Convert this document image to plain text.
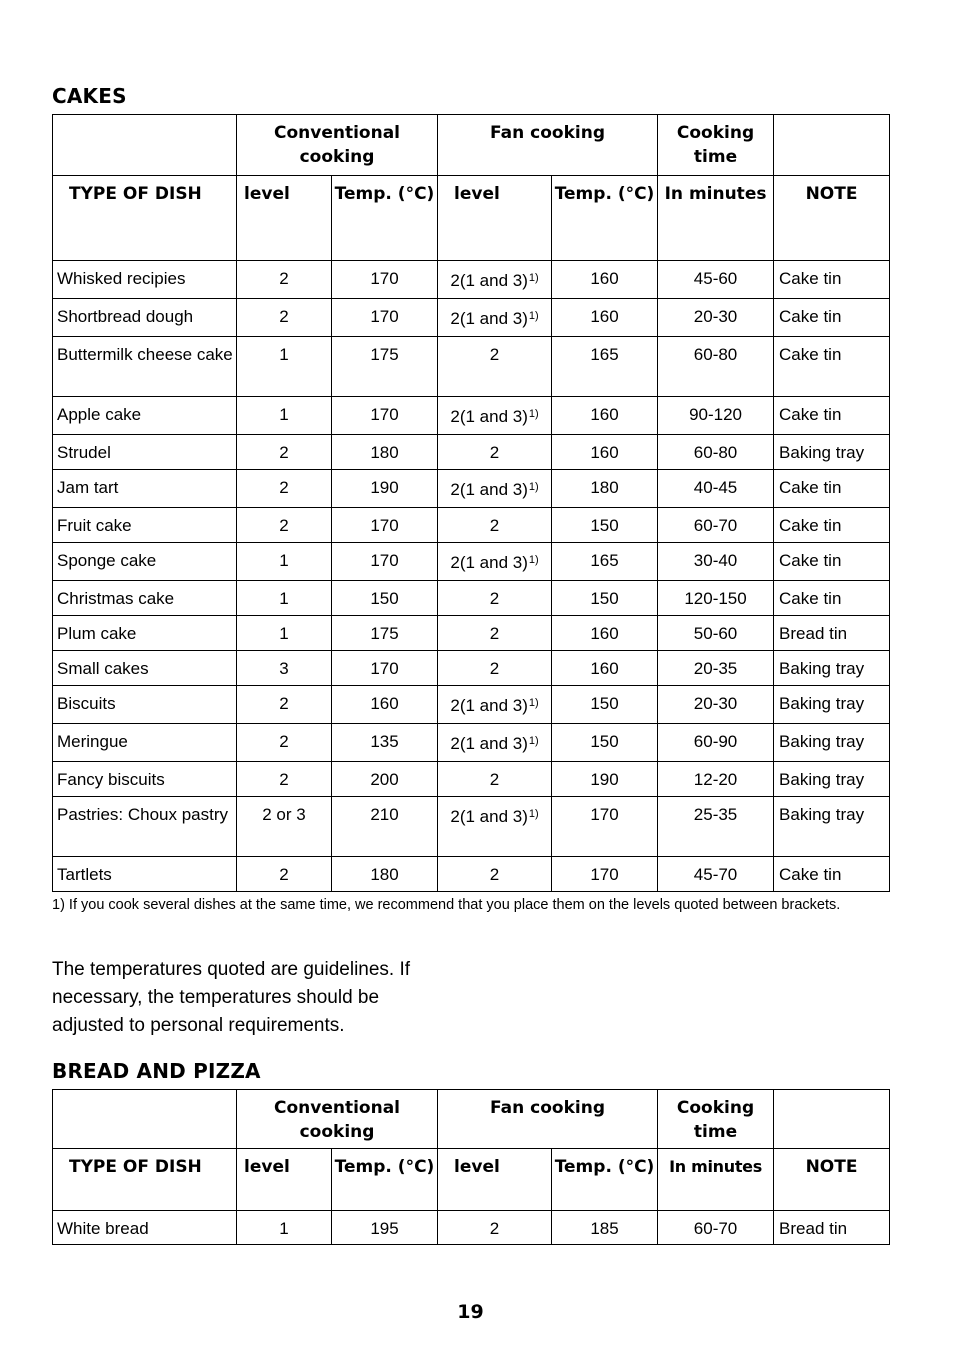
CAKES
	Conventional cooking		Fan cooking		Cooking time	
TYPE OF DISH	level	Temp. (°C)	level	Temp. (°C)	In minutes	NOTE
Whisked recipies	2	170	2(1 and 3)$^{1)}$	160	45-60	Cake tin
Shortbread dough	2	170	2(1 and 3)$^{1)}$	160	20-30	Cake tin
Buttermilk cheese cake	1	175	2	165	60-80	Cake tin
Apple cake	1	170	2(1 and 3)$^{1)}$	160	90-120	Cake tin
Strudel	2	180	2	160	60-80	Baking tray
Jam tart	2	190	2(1 and 3)$^{1)}$	180	40-45	Cake tin
Fruit cake	2	170	2	150	60-70	Cake tin
Sponge cake	1	170	2(1 and 3)$^{1)}$	165	30-40	Cake tin
Christmas cake	1	150	2	150	120-150	Cake tin
Plum cake	1	175	2	160	50-60	Bread tin
Small cakes	3	170	2	160	20-35	Baking tray
Biscuits	2	160	2(1 and 3)$^{1)}$	150	20-30	Baking tray
Meringue	2	135	2(1 and 3)$^{1)}$	150	60-90	Baking tray
Fancy biscuits	2	200	2	190	12-20	Baking tray
Pastries: Choux pastry	2 or 3	210	2(1 and 3)$^{1)}$	170	25-35	Baking tray
Tartlets	2	180	2	170	45-70	Cake tin
1) If you cook several dishes at the same time, we recommend that you place them on the levels quoted between brackets.
The temperatures quoted are guidelines. If necessary, the temperatures should be adjusted to personal requirements.
BREAD AND PIZZA
	Conventional cooking		Fan cooking		Cooking time	
TYPE OF DISH	level	Temp. (°C)	level	Temp. (°C)	In minutes	NOTE
White bread	1	195	2	185	60-70	Bread tin
19
